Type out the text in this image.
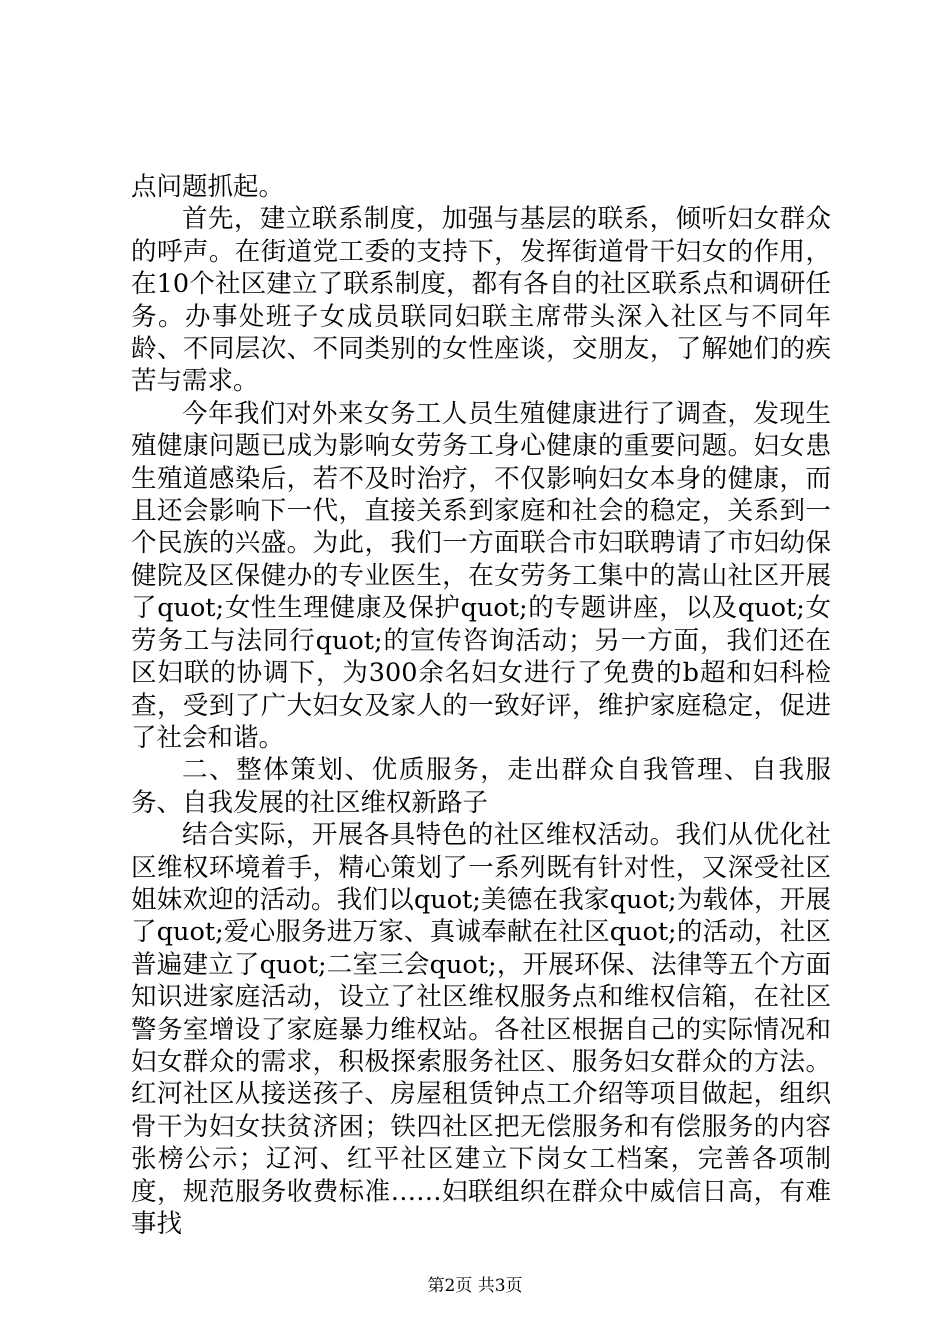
点问题抓起。

首先，建立联系制度，加强与基层的联系，倾听妇女群众的呼声。在街道党工委的支持下，发挥街道骨干妇女的作用，在10个社区建立了联系制度，都有各自的社区联系点和调研任务。办事处班子女成员联同妇联主席带头深入社区与不同年龄、不同层次、不同类别的女性座谈，交朋友，了解她们的疾苦与需求。

今年我们对外来女务工人员生殖健康进行了调查，发现生殖健康问题已成为影响女劳务工身心健康的重要问题。妇女患生殖道感染后，若不及时治疗，不仅影响妇女本身的健康，而且还会影响下一代，直接关系到家庭和社会的稳定，关系到一个民族的兴盛。为此，我们一方面联合市妇联聘请了市妇幼保健院及区保健办的专业医生，在女劳务工集中的嵩山社区开展了quot;女性生理健康及保护quot;的专题讲座，以及quot;女劳务工与法同行quot;的宣传咨询活动；另一方面，我们还在区妇联的协调下，为300余名妇女进行了免费的b超和妇科检查，受到了广大妇女及家人的一致好评，维护家庭稳定，促进了社会和谐。

二、整体策划、优质服务，走出群众自我管理、自我服务、自我发展的社区维权新路子

结合实际，开展各具特色的社区维权活动。我们从优化社区维权环境着手，精心策划了一系列既有针对性，又深受社区姐妹欢迎的活动。我们以quot;美德在我家quot;为载体，开展了quot;爱心服务进万家、真诚奉献在社区quot;的活动，社区普遍建立了quot;二室三会quot;，开展环保、法律等五个方面知识进家庭活动，设立了社区维权服务点和维权信箱，在社区警务室增设了家庭暴力维权站。各社区根据自己的实际情况和妇女群众的需求，积极探索服务社区、服务妇女群众的方法。红河社区从接送孩子、房屋租赁钟点工介绍等项目做起，组织骨干为妇女扶贫济困；铁四社区把无偿服务和有偿服务的内容张榜公示；辽河、红平社区建立下岗女工档案，完善各项制度，规范服务收费标准……妇联组织在群众中威信日高，有难事找

第2页 共3页
